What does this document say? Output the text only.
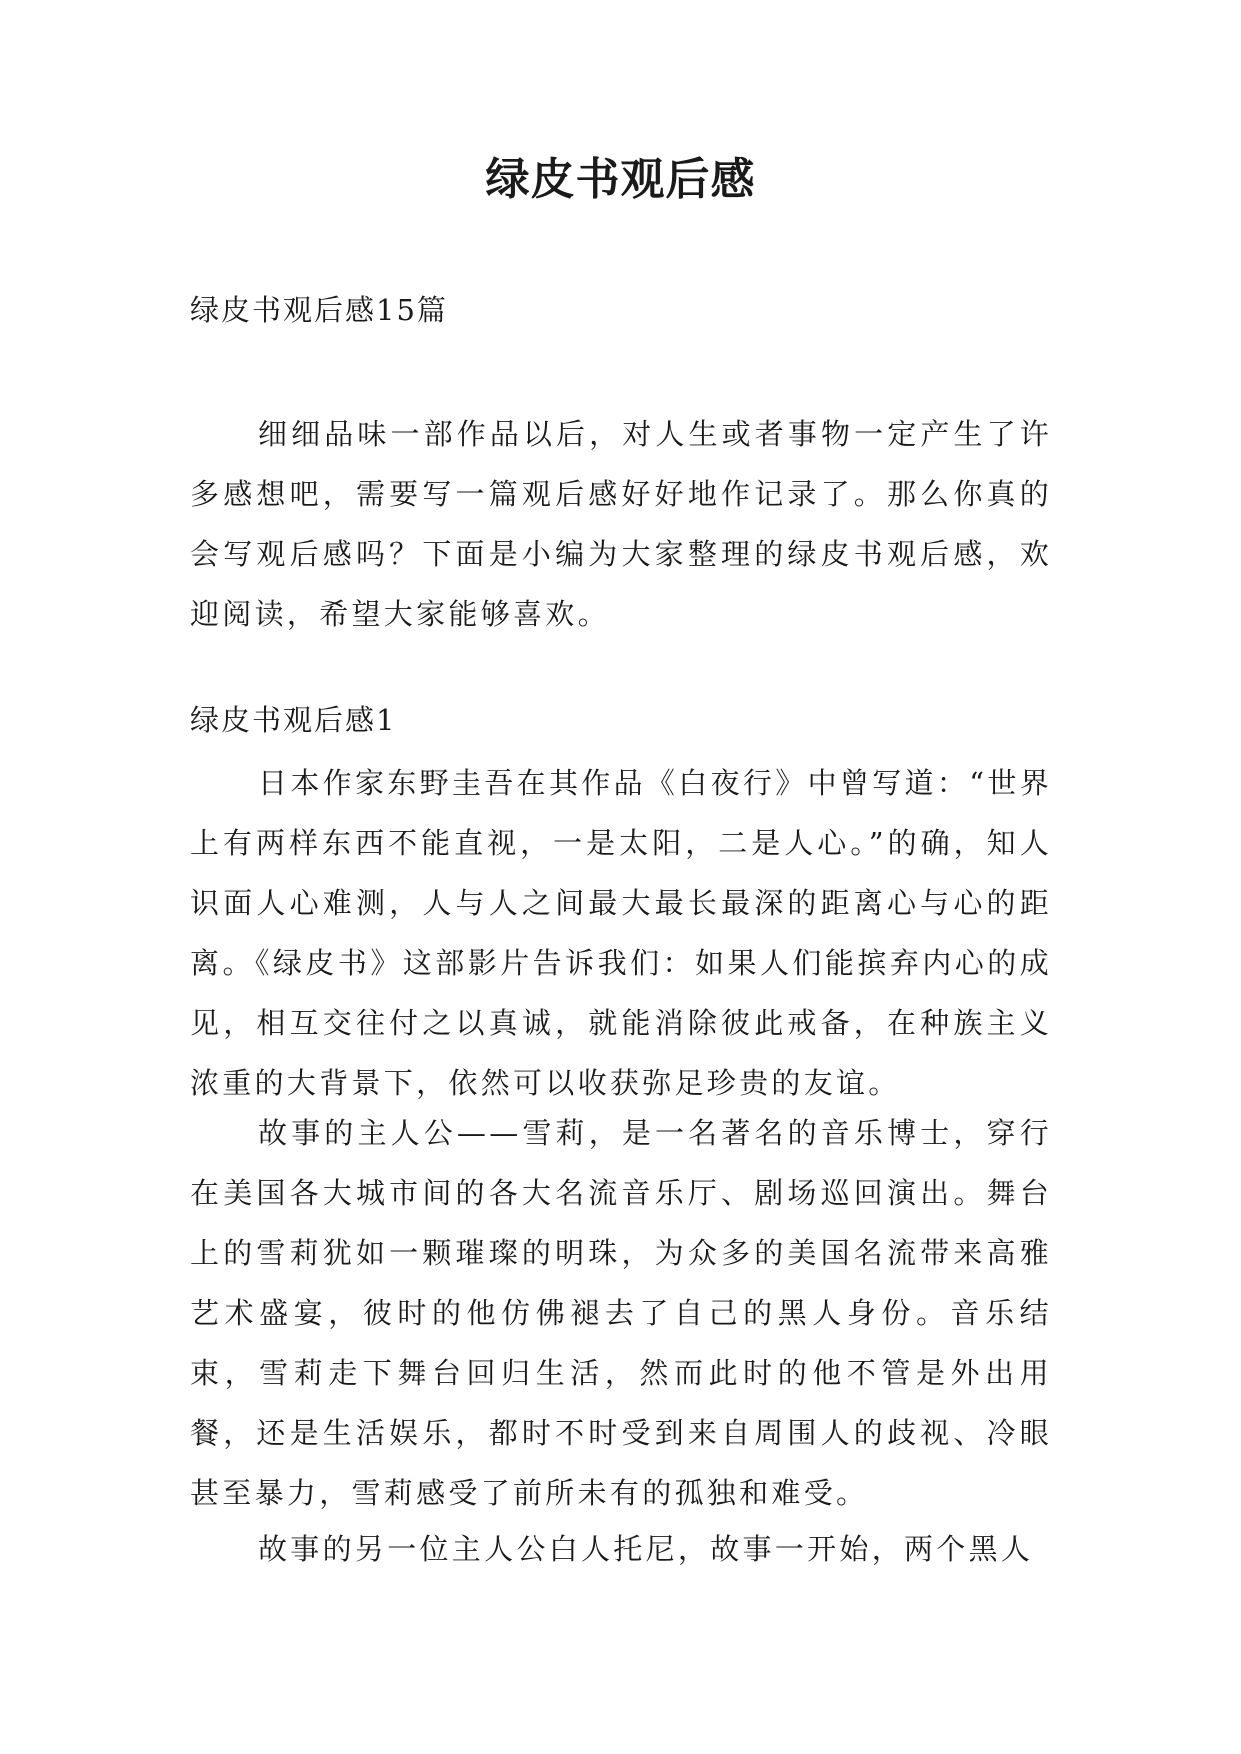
绿皮书观后感

绿皮书观后感15篇

细细品味一部作品以后，对人生或者事物一定产生了许多感想吧，需要写一篇观后感好好地作记录了。那么你真的会写观后感吗？下面是小编为大家整理的绿皮书观后感，欢迎阅读，希望大家能够喜欢。

绿皮书观后感1

日本作家东野圭吾在其作品《白夜行》中曾写道：“世界上有两样东西不能直视，一是太阳，二是人心。”的确，知人识面人心难测，人与人之间最大最长最深的距离心与心的距离。《绿皮书》这部影片告诉我们：如果人们能摈弃内心的成见，相互交往付之以真诚，就能消除彼此戒备，在种族主义浓重的大背景下，依然可以收获弥足珍贵的友谊。

故事的主人公——雪莉，是一名著名的音乐博士，穿行在美国各大城市间的各大名流音乐厅、剧场巡回演出。舞台上的雪莉犹如一颗璀璨的明珠，为众多的美国名流带来高雅艺术盛宴，彼时的他仿佛褪去了自己的黑人身份。音乐结束，雪莉走下舞台回归生活，然而此时的他不管是外出用餐，还是生活娱乐，都时不时受到来自周围人的歧视、冷眼甚至暴力，雪莉感受了前所未有的孤独和难受。

故事的另一位主人公白人托尼，故事一开始，两个黑人
